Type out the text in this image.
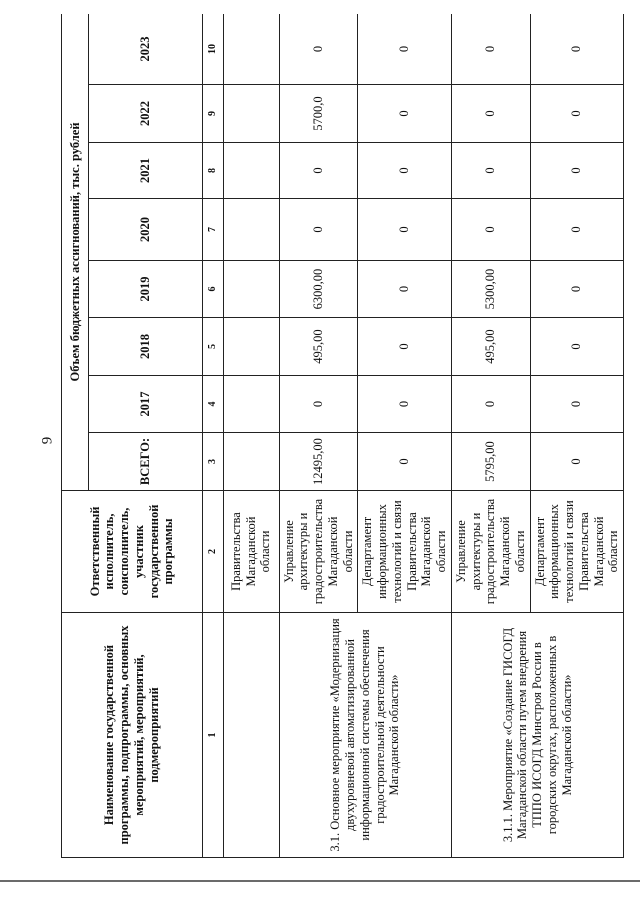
9
Наименование государственной программы, подпрограммы, основных мероприятий, мероприятий, подмероприятий	Ответственный исполнитель, соисполнитель, участник государственной программы	Объем бюджетных ассигнований, тыс. рублей							
		ВСЕГО:	2017	2018	2019	2020	2021	2022	2023
1	2	3	4	5	6	7	8	9	10
	Правительства Магаданской области								
3.1. Основное мероприятие «Модернизация двухуровневой автоматизированной информационной системы обеспечения градостроительной деятельности Магаданской области»	Управление архитектуры и градостроительства Магаданской области	12495,00	0	495,00	6300,00	0	0	5700,0	0
	Департамент информационных технологий и связи Правительства Магаданской области	0	0	0	0	0	0	0	0
3.1.1. Мероприятие «Создание ГИСОГД Магаданской области путем внедрения ТППО ИСОГД Минстроя России в городских округах, расположенных в Магаданской области»	Управление архитектуры и градостроительства Магаданской области	5795,00	0	495,00	5300,00	0	0	0	0
	Департамент информационных технологий и связи Правительства Магаданской области	0	0	0	0	0	0	0	0
